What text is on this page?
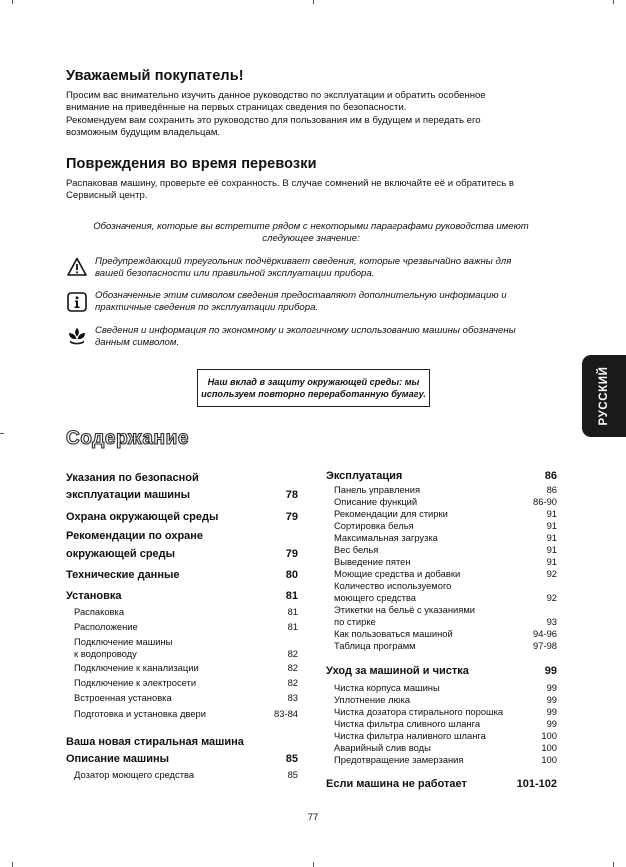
Уважаемый покупатель!
Просим вас внимательно изучить данное руководство по эксплуатации и обратить особенное
внимание на приведённые на первых страницах сведения по безопасности.
Рекомендуем вам сохранить это руководство для пользования им в будущем и передать его
возможным будущим владельцам.
Повреждения во время перевозки
Распаковав машину, проверьте её сохранность. В случае сомнений не включайте её и обратитесь в
Сервисный центр.
Обозначения, которые вы встретите рядом с некоторыми параграфами руководства имеют
следующее значение:
Предупреждающий треугольник подчёркивает сведения, которые чрезвычайно важны для
вашей безопасности или правильной эксплуатации прибора.
Обозначенные этим символом сведения предоставляют дополнительную информацию и
практичные сведения по эксплуатации прибора.
Сведения и информация по экономному и экологичному использованию машины обозначены
данным символом.
Наш вклад в защиту окружающей среды: мы
используем повторно переработанную бумагу.	РУССКИЙ
Содержание
Указания по безопасной
эксплуатации машины	78
Охрана окружающей среды	79
Рекомендации по охране
окружающей среды	79
Технические данные	80
Установка	81
Распаковка	81
Расположение	81
Подключение машины
к водопроводу	82
Подключение к канализации	82
Подключение к электросети	82
Встроенная установка	83
Подготовка и установка двери	83-84
Ваша новая стиральная машина
Описание машины	85
Дозатор моющего средства	85
Эксплуатация	86
Панель управления	86
Описание функций	86-90
Рекомендации для стирки	91
Сортировка белья	91
Максимальная загрузка	91
Вес белья	91
Выведение пятен	91
Моющие средства и добавки	92
Количество используемого
моющего средства	92
Этикетки на бельё с указаниями
по стирке	93
Как пользоваться машиной	94-96
Таблица программ	97-98
Уход за машиной и чистка	99
Чистка корпуса машины	99
Уплотнение люка	99
Чистка дозатора стирального порошка	99
Чистка фильтра сливного шланга	99
Чистка фильтра наливного шланга	100
Аварийный слив воды	100
Предотвращение замерзания	100
Если машина не работает	101-102
77
